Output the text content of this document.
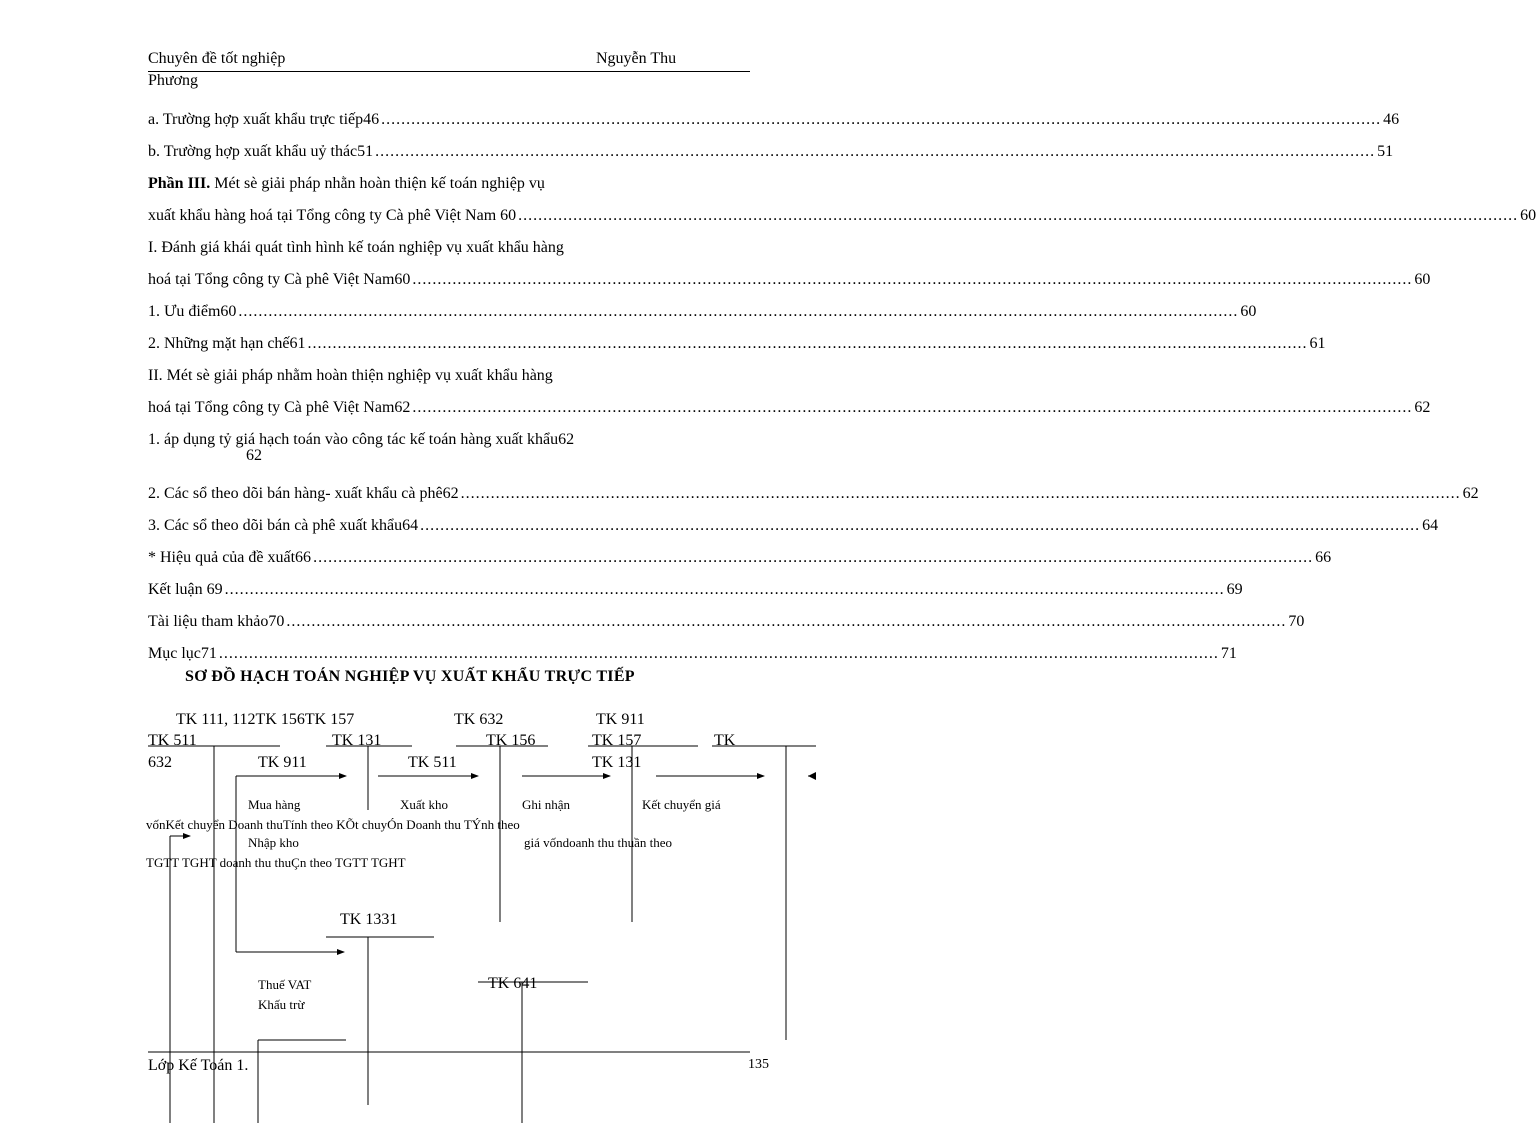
Chuyên đề tốt nghiệp	Nguyễn Thu
Phương
a. Trường hợp xuất khẩu trực tiếp46 ........................................................................................................................................................................................................ 46
b. Trường hợp xuất khẩu uỷ thác51 ........................................................................................................................................................................................................ 51
Phần III. Mét sè giải pháp nhằn hoàn thiện kế toán nghiệp vụ
xuất khẩu hàng hoá tại Tổng công ty Cà phê Việt Nam 60 ........................................................................................................................................................................................................ 60
I. Đánh giá khái quát tình hình kế toán nghiệp vụ xuất khẩu hàng
hoá tại Tổng công ty Cà phê Việt Nam60 ........................................................................................................................................................................................................ 60
1. Ưu điểm60 ........................................................................................................................................................................................................ 60
2. Những mặt hạn chế61 ........................................................................................................................................................................................................ 61
II. Mét sè giải pháp nhằm hoàn thiện nghiệp vụ xuất khẩu hàng
hoá tại Tổng công ty Cà phê Việt Nam62 ........................................................................................................................................................................................................ 62
1. áp dụng tỷ giá hạch toán vào công tác kế toán hàng xuất khẩu62
2. Các sổ theo dõi bán hàng- xuất khẩu cà phê62 ........................................................................................................................................................................................................ 62
3. Các sổ theo dõi bán cà phê xuất khẩu64 ........................................................................................................................................................................................................ 64
* Hiệu quả của đề xuất66 ........................................................................................................................................................................................................ 66
Kết luận 69 ........................................................................................................................................................................................................ 69
Tài liệu tham khảo70 ........................................................................................................................................................................................................ 70
Mục lục71 ........................................................................................................................................................................................................ 71
62
SƠ ĐỒ HẠCH TOÁN NGHIỆP VỤ XUẤT KHẨU TRỰC TIẾP
TK 111, 112TK 156TK 157	TK 632	TK 911
TK 511	TK 131	TK 156	TK 157	TK
632	TK 911	TK 511	TK 131
Mua hàng	Xuất kho	Ghi nhận	Kết chuyển giá
vốnKết chuyển Doanh thuTính theo KÕt chuyÓn Doanh thu TÝnh theo
Nhập kho	giá vốndoanh thu thuần theo
TGTT TGHT doanh thu thuÇn theo TGTT TGHT
TK 1331
Thuế VAT
Khấu trừ
TK 641
Lớp Kế Toán 1.	135
